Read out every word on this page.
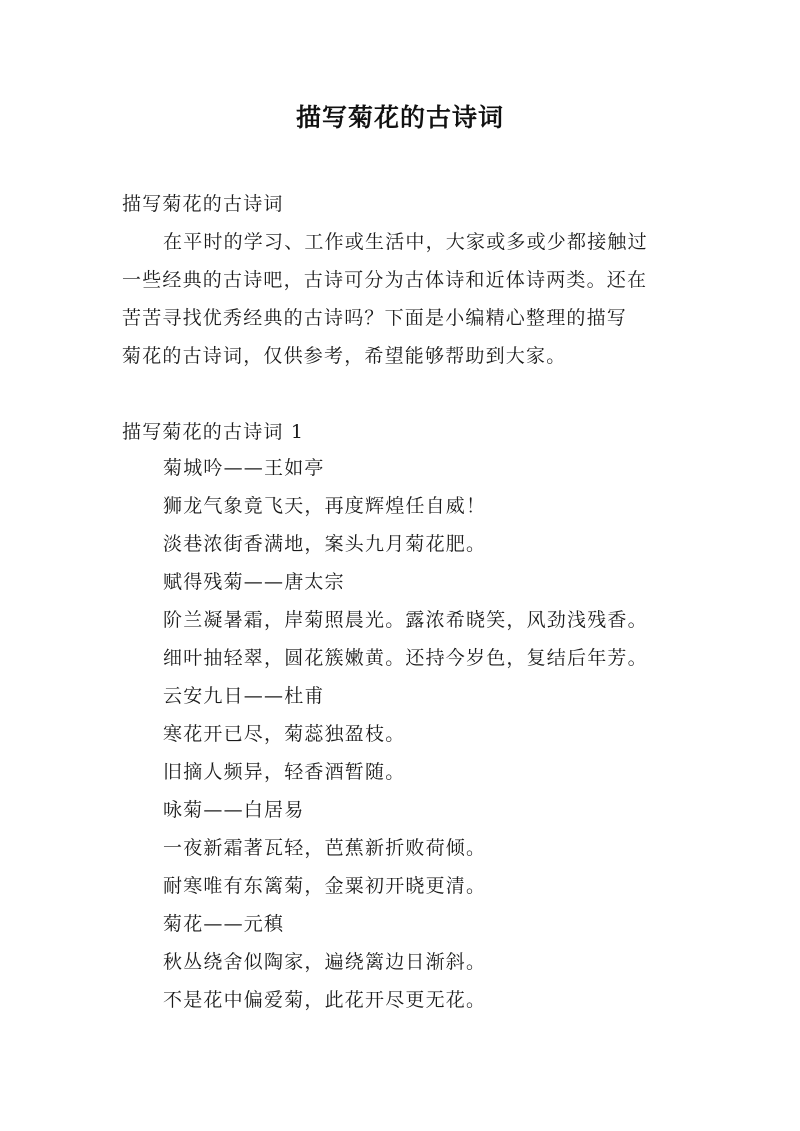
描写菊花的古诗词

描写菊花的古诗词

在平时的学习、工作或生活中，大家或多或少都接触过

一些经典的古诗吧，古诗可分为古体诗和近体诗两类。还在

苦苦寻找优秀经典的古诗吗？下面是小编精心整理的描写

菊花的古诗词，仅供参考，希望能够帮助到大家。

描写菊花的古诗词 1

菊城吟——王如亭

狮龙气象竟飞天，再度辉煌任自威！

淡巷浓街香满地，案头九月菊花肥。

赋得残菊——唐太宗

阶兰凝暑霜，岸菊照晨光。露浓希晓笑，风劲浅残香。

细叶抽轻翠，圆花簇嫩黄。还持今岁色，复结后年芳。

云安九日——杜甫

寒花开已尽，菊蕊独盈枝。

旧摘人频异，轻香酒暂随。

咏菊——白居易

一夜新霜著瓦轻，芭蕉新折败荷倾。

耐寒唯有东篱菊，金粟初开晓更清。

菊花——元稹

秋丛绕舍似陶家，遍绕篱边日渐斜。

不是花中偏爱菊，此花开尽更无花。
